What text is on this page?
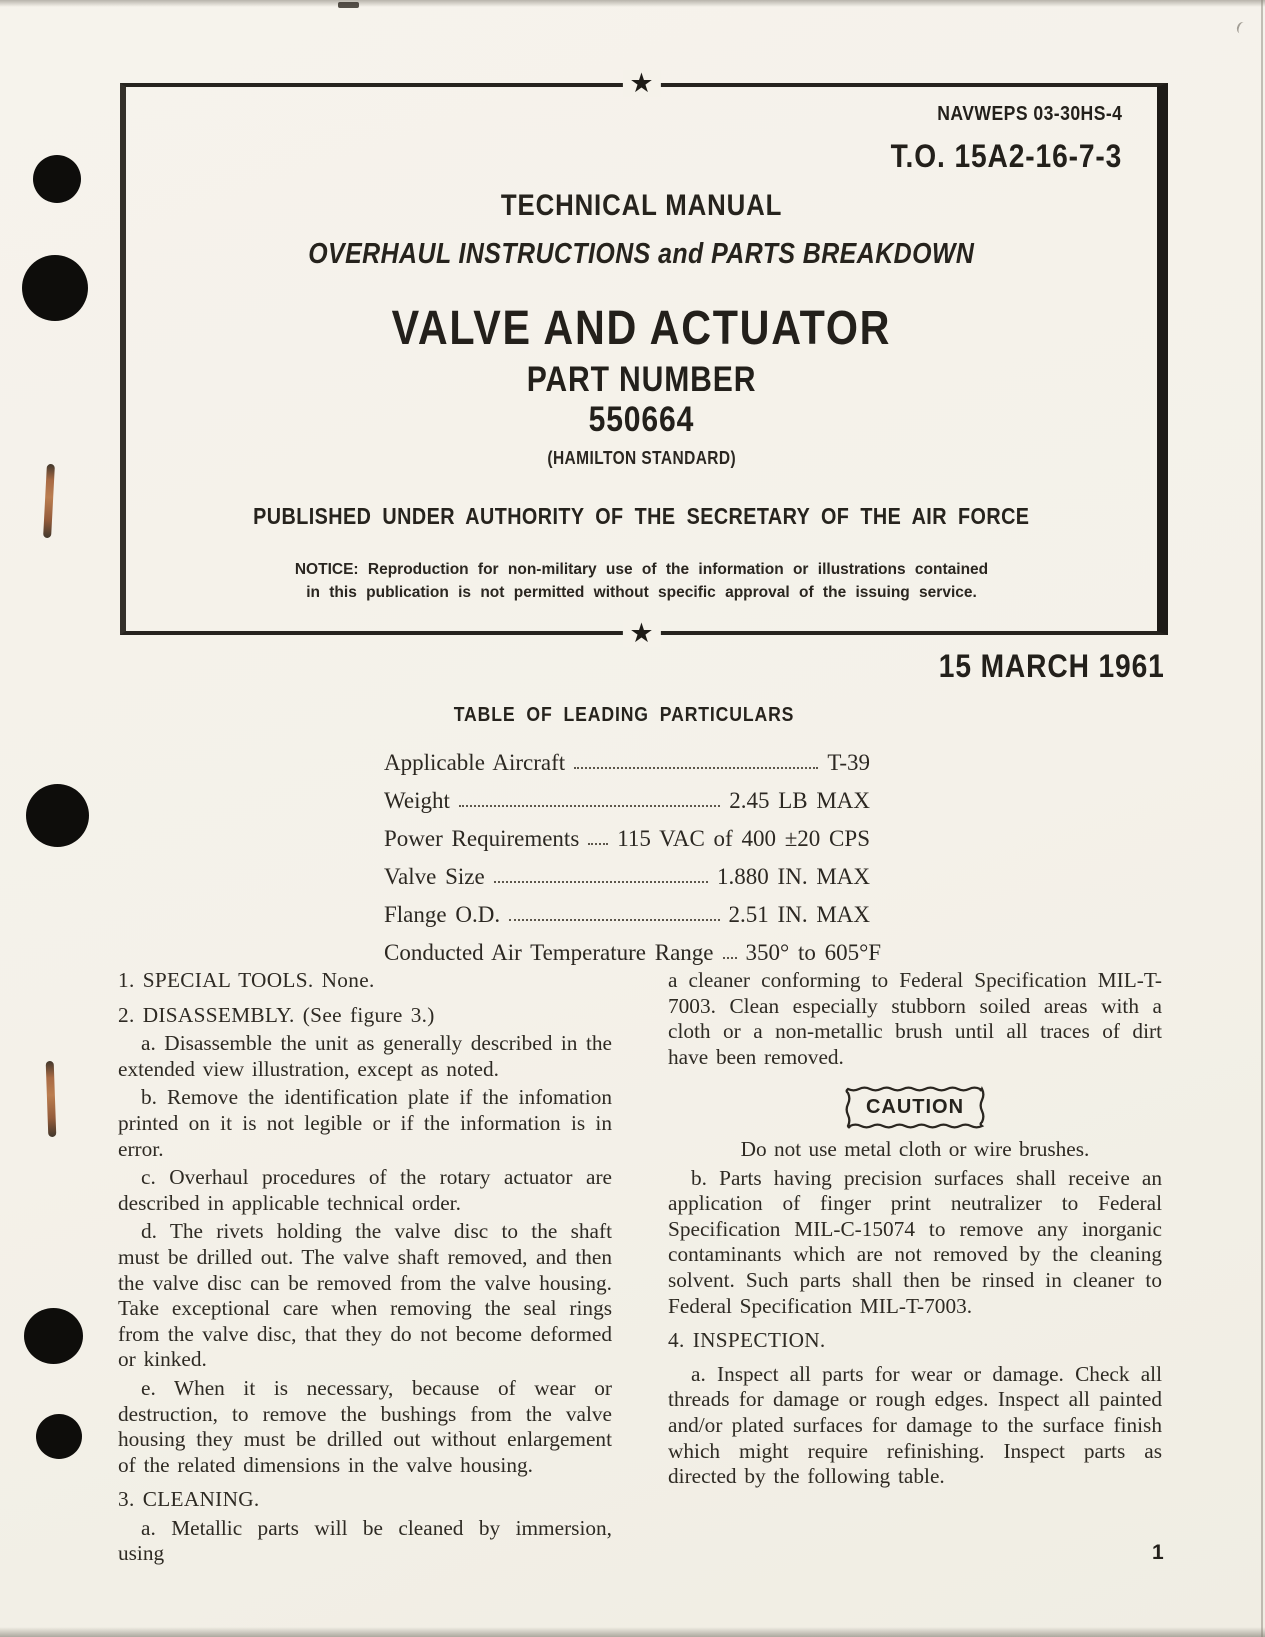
★
★
NAVWEPS 03-30HS-4
T.O. 15A2-16-7-3
TECHNICAL MANUAL
OVERHAUL INSTRUCTIONS and PARTS BREAKDOWN
VALVE AND ACTUATOR
PART NUMBER
550664
(HAMILTON STANDARD)
PUBLISHED UNDER AUTHORITY OF THE SECRETARY OF THE AIR FORCE
NOTICE: Reproduction for non-military use of the information or illustrations contained
in this publication is not permitted without specific approval of the issuing service.
15 MARCH 1961
TABLE OF LEADING PARTICULARS
Applicable Aircraft	T-39
Weight	2.45 LB MAX
Power Requirements 115 VAC of 400 ±20 CPS
Valve Size	1.880 IN. MAX
Flange O.D.	2.51 IN. MAX
Conducted Air Temperature Range 350° to 605°F

1. SPECIAL TOOLS. None.

2. DISASSEMBLY. (See figure 3.)

a. Disassemble the unit as generally described in the extended view illustration, except as noted.

b. Remove the identification plate if the infomation printed on it is not legible or if the information is in error.

c. Overhaul procedures of the rotary actuator are described in applicable technical order.

d. The rivets holding the valve disc to the shaft must be drilled out. The valve shaft removed, and then the valve disc can be removed from the valve housing. Take exceptional care when removing the seal rings from the valve disc, that they do not become deformed or kinked.

e. When it is necessary, because of wear or destruction, to remove the bushings from the valve housing they must be drilled out without enlargement of the related dimensions in the valve housing.

3. CLEANING.

a. Metallic parts will be cleaned by immersion, using

a cleaner conforming to Federal Specification MIL-T-7003. Clean especially stubborn soiled areas with a cloth or a non-metallic brush until all traces of dirt have been removed.

CAUTION

Do not use metal cloth or wire brushes.

b. Parts having precision surfaces shall receive an application of finger print neutralizer to Federal Specification MIL-C-15074 to remove any inorganic contaminants which are not removed by the cleaning solvent. Such parts shall then be rinsed in cleaner to Federal Specification MIL-T-7003.

4. INSPECTION.

a. Inspect all parts for wear or damage. Check all threads for damage or rough edges. Inspect all painted and/or plated surfaces for damage to the surface finish which might require refinishing. Inspect parts as directed by the following table.

1
